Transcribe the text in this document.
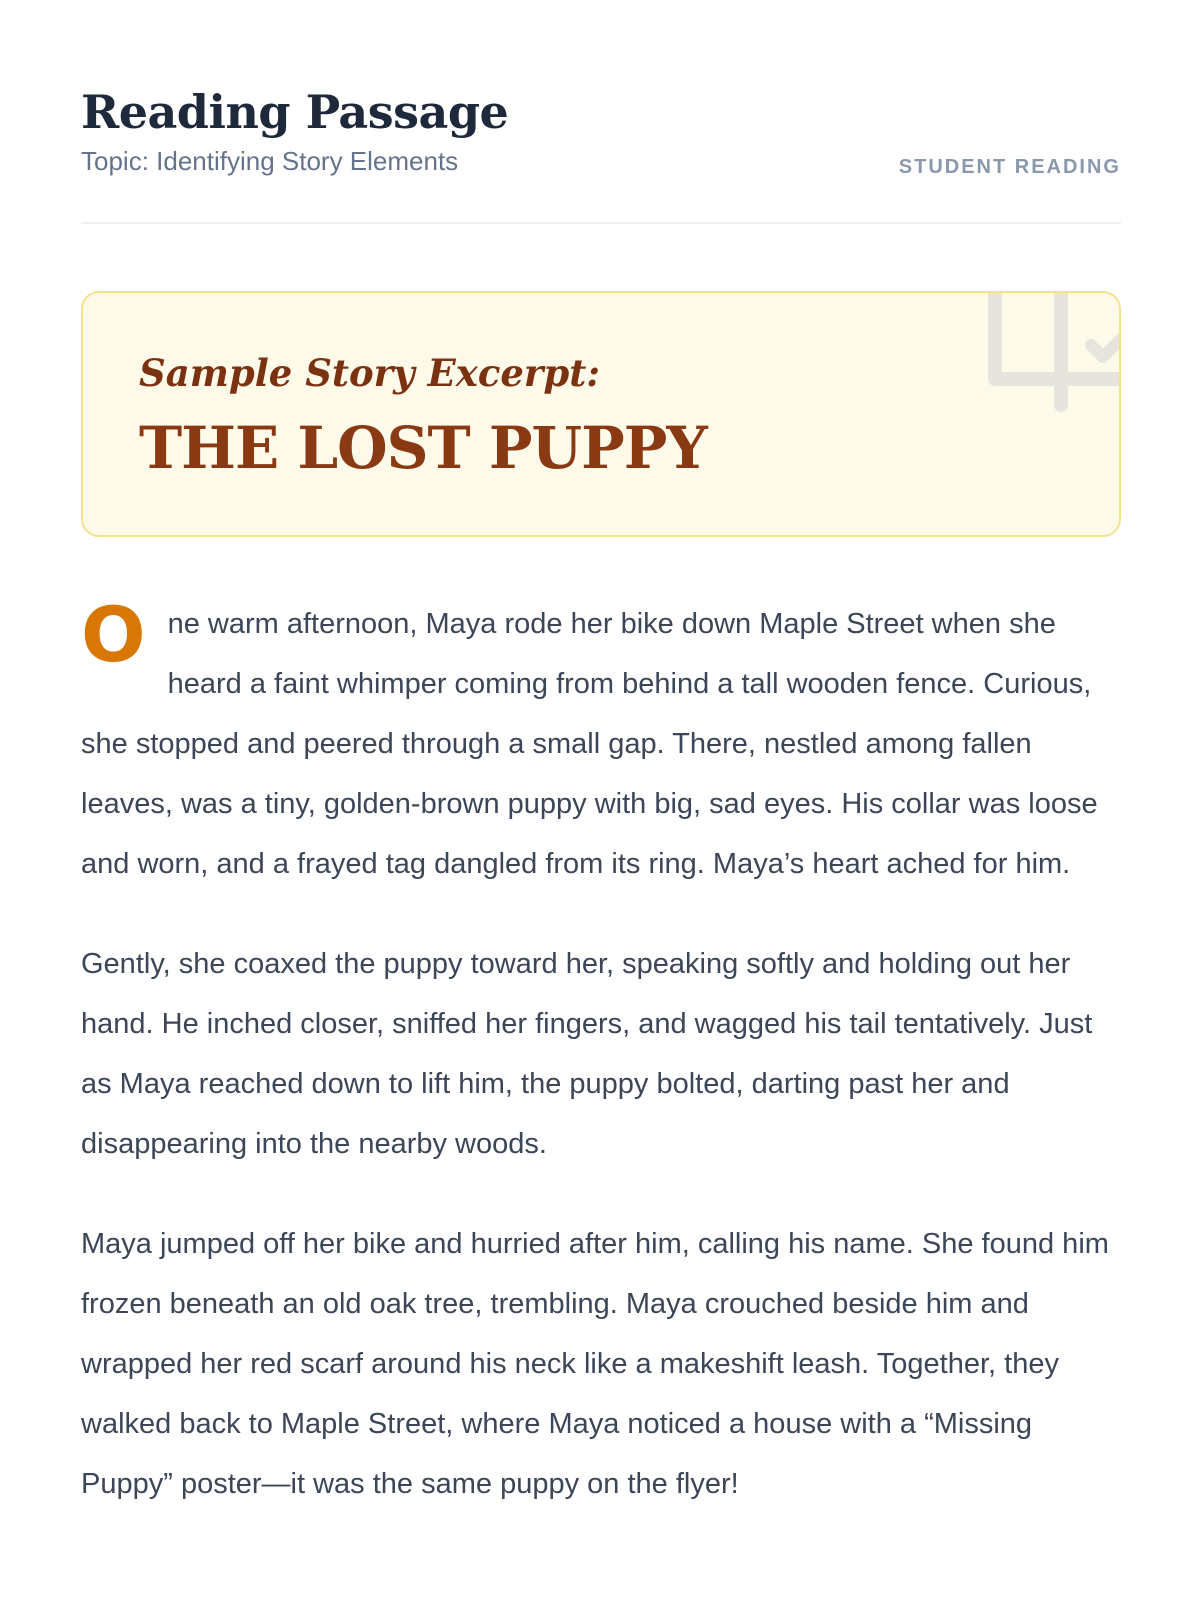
Reading Passage
Topic: Identifying Story Elements	STUDENT READING
Sample Story Excerpt:
THE LOST PUPPY

One warm afternoon, Maya rode her bike down Maple Street when she heard a faint whimper coming from behind a tall wooden fence. Curious, she stopped and peered through a small gap. There, nestled among fallen leaves, was a tiny, golden-brown puppy with big, sad eyes. His collar was loose and worn, and a frayed tag dangled from its ring. Maya’s heart ached for him.

Gently, she coaxed the puppy toward her, speaking softly and holding out her hand. He inched closer, sniffed her fingers, and wagged his tail tentatively. Just as Maya reached down to lift him, the puppy bolted, darting past her and disappearing into the nearby woods.

Maya jumped off her bike and hurried after him, calling his name. She found him frozen beneath an old oak tree, trembling. Maya crouched beside him and wrapped her red scarf around his neck like a makeshift leash. Together, they walked back to Maple Street, where Maya noticed a house with a “Missing Puppy” poster—it was the same puppy on the flyer!
